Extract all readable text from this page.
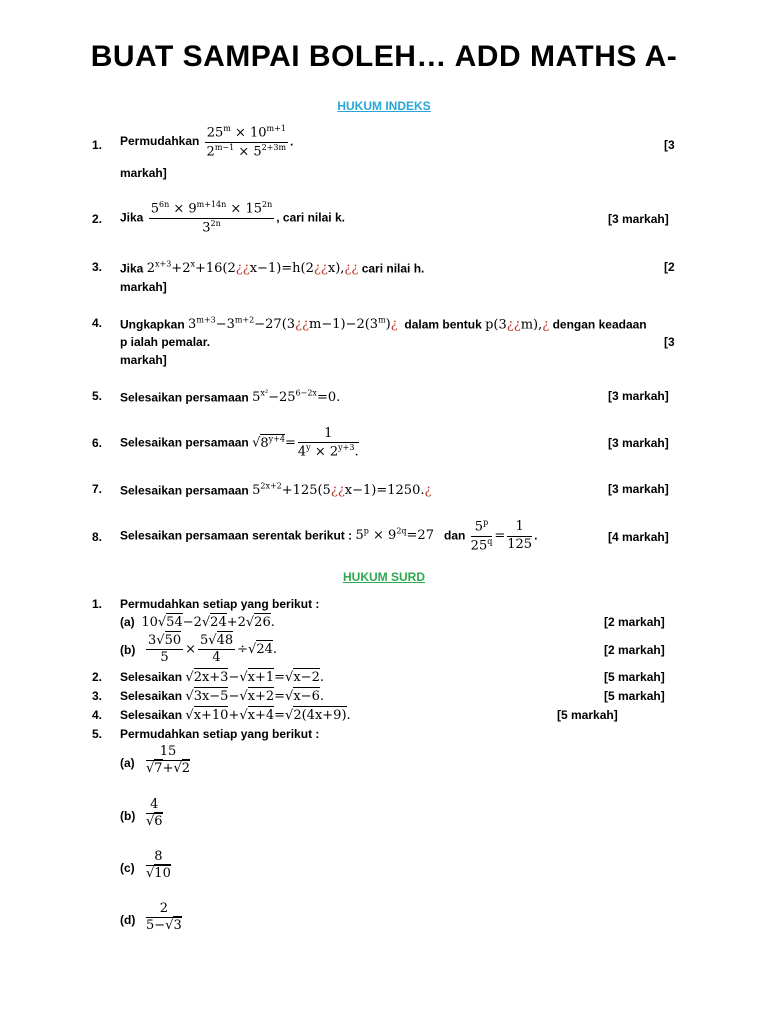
BUAT SAMPAI BOLEH… ADD MATHS A-
HUKUM INDEKS
1. Permudahkan $\frac{25^m \times 10^{m+1}}{2^{m-1} \times 5^{2+3m}}$ .	[3
markah]
2. Jika $\frac{5^{6n} \times 9^{m+14n} \times 15^{2n}}{3^{2n}}$ , cari nilai k.	[3 markah]
3. Jika $2^{x+3}+2^x+16(2¿¿x-1)=h(2¿¿x),¿¿$ cari nilai h.	[2
markah]
4. Ungkapkan $3^{m+3}-3^{m+2}-27(3¿¿m-1)-2(3^m)¿$ dalam bentuk p(3¿¿m),¿ dengan keadaan
p ialah pemalar.	[3
markah]
5. Selesaikan persamaan $5^{x^2}-25^{6-2x}=0$.	[3 markah]
6. Selesaikan persamaan $√8^{y+4}= \frac{1}{4^y \times 2^{y+3}.}$	[3 markah]
7. Selesaikan persamaan $5^{2x+2}+125(5¿¿x-1)=1250.¿$	[3 markah]
8. Selesaikan persamaan serentak berikut : $5^p \times 9^{2q}=27$ dan $\frac{5^p}{25^q} = \frac{1}{125}$ .	[4 markah]
HUKUM SURD
1. Permudahkan setiap yang berikut :
(a) 10√54−2√24+2√26.	[2 markah]
$(b) \frac{3√50}{5} \times \frac{5√48}{4} \div√24$.	[2 markah]
2. Selesaikan √2x+3−√x+1=√x−2.	[5 markah]
3. Selesaikan √3x−5−√x+2=√x−6.	[5 markah]
4. Selesaikan √x+10+√x+4=√2(4x+9).	[5 markah]
5. Permudahkan setiap yang berikut :
(a)
15
√7+√2
(b)
4
√6
(c)
8
√10
(d)
2
5−√3
